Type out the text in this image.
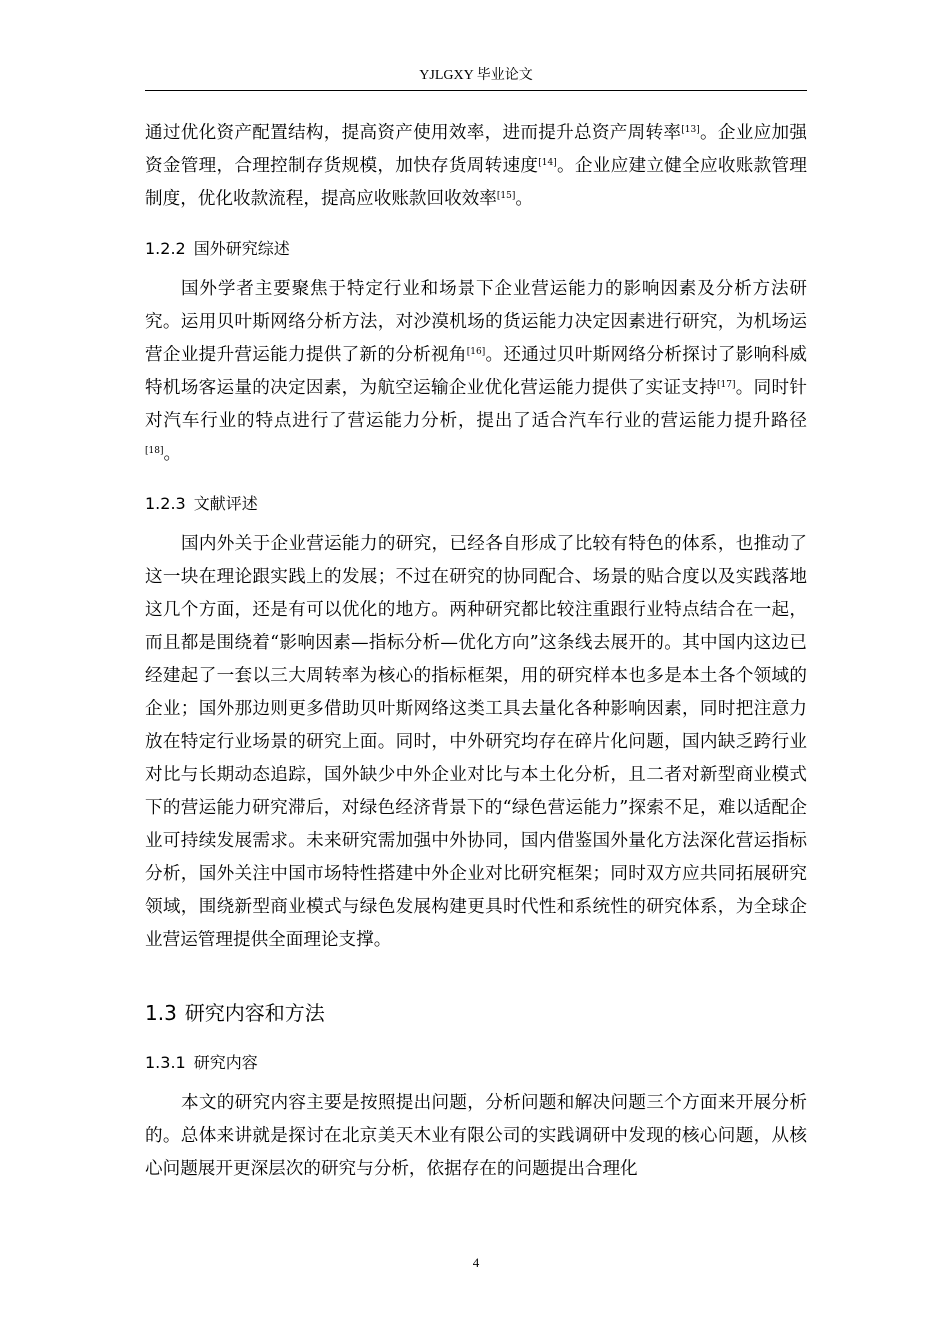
YJLGXY 毕业论文

通过优化资产配置结构，提高资产使用效率，进而提升总资产周转率[13]。企业应加强资金管理，合理控制存货规模，加快存货周转速度[14]。企业应建立健全应收账款管理制度，优化收款流程，提高应收账款回收效率[15]。

1.2.2 国外研究综述

国外学者主要聚焦于特定行业和场景下企业营运能力的影响因素及分析方法研究。运用贝叶斯网络分析方法，对沙漠机场的货运能力决定因素进行研究，为机场运营企业提升营运能力提供了新的分析视角[16]。还通过贝叶斯网络分析探讨了影响科威特机场客运量的决定因素，为航空运输企业优化营运能力提供了实证支持[17]。同时针对汽车行业的特点进行了营运能力分析，提出了适合汽车行业的营运能力提升路径[18]。

1.2.3 文献评述

国内外关于企业营运能力的研究，已经各自形成了比较有特色的体系，也推动了这一块在理论跟实践上的发展；不过在研究的协同配合、场景的贴合度以及实践落地这几个方面，还是有可以优化的地方。两种研究都比较注重跟行业特点结合在一起，而且都是围绕着“影响因素—指标分析—优化方向”这条线去展开的。其中国内这边已经建起了一套以三大周转率为核心的指标框架，用的研究样本也多是本土各个领域的企业；国外那边则更多借助贝叶斯网络这类工具去量化各种影响因素，同时把注意力放在特定行业场景的研究上面。同时，中外研究均存在碎片化问题，国内缺乏跨行业对比与长期动态追踪，国外缺少中外企业对比与本土化分析，且二者对新型商业模式下的营运能力研究滞后，对绿色经济背景下的“绿色营运能力”探索不足，难以适配企业可持续发展需求。未来研究需加强中外协同，国内借鉴国外量化方法深化营运指标分析，国外关注中国市场特性搭建中外企业对比研究框架；同时双方应共同拓展研究领域，围绕新型商业模式与绿色发展构建更具时代性和系统性的研究体系，为全球企业营运管理提供全面理论支撑。

1.3 研究内容和方法
1.3.1 研究内容

本文的研究内容主要是按照提出问题，分析问题和解决问题三个方面来开展分析的。总体来讲就是探讨在北京美天木业有限公司的实践调研中发现的核心问题，从核心问题展开更深层次的研究与分析，依据存在的问题提出合理化

4
